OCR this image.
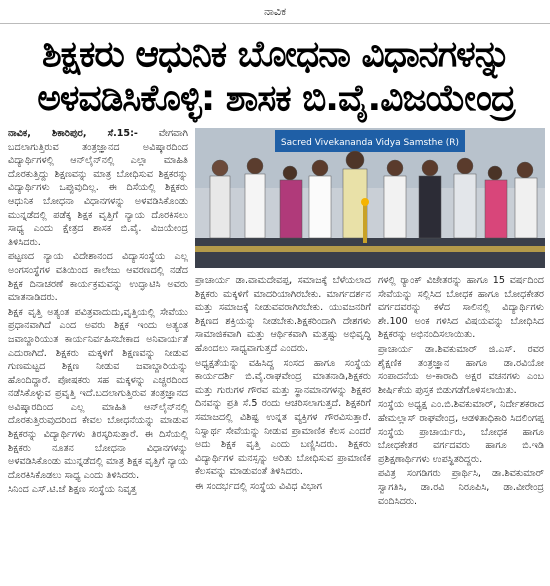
ನಾವಿಕ
ಶಿಕ್ಷಕರು ಆಧುನಿಕ ಬೋಧನಾ ವಿಧಾನಗಳನ್ನು
ಅಳವಡಿಸಿಕೊಳ್ಳಿ: ಶಾಸಕ ಬಿ.ವೈ.ವಿಜಯೇಂದ್ರ

ನಾವಿಕ, ಶಿಕಾರಿಪುರ, ಸೆ.15:- ವೇಗವಾಗಿ ಬದಲಾಗುತ್ತಿರುವ ತಂತ್ರಜ್ಞಾನದ ಅವಿಷ್ಕಾರದಿಂದ ವಿದ್ಯಾರ್ಥಿಗಳಲ್ಲಿ ಆನ್‌ಲೈನ್‌ನಲ್ಲಿ ಎಲ್ಲಾ ಮಾಹಿತಿ ದೊರಕುತ್ತಿದ್ದು ಶಿಕ್ಷಣವನ್ನು ಮಾತ್ರ ಬೋಧಿಸುವ ಶಿಕ್ಷಕರನ್ನು ವಿದ್ಯಾರ್ಥಿಗಳು ಒಪ್ಪುವುದಿಲ್ಲ. ಈ ದಿಸೆಯಲ್ಲಿ ಶಿಕ್ಷಕರು ಆಧುನಿಕ ಬೋಧನಾ ವಿಧಾನಗಳನ್ನು ಅಳವಡಿಸಿಕೊಂಡು ಮುನ್ನಡೆದಲ್ಲಿ ಪಡೆಕ್ಕ ಶಿಕ್ಷಕ ವೃತ್ತಿಗೆ ನ್ಯಾಯ ದೊರಕಿಸಲು ಸಾಧ್ಯ ಎಂದು ಕ್ಷೇತ್ರದ ಶಾಸಕ ಬಿ.ವೈ. ವಿಜಯೇಂದ್ರ ತಿಳಿಸಿದರು.

ಪಟ್ಟಣದ ನ್ಯಾಯ ವಿದೇಶಾನಂದ ವಿದ್ಯಾಸಂಸ್ಥೆಯ ಎಲ್ಲ ಅಂಗಸಂಸ್ಥೆಗಳ ವತಿಯಿಂದ ಕಾಲೇಜು ಆವರಣದಲ್ಲಿ ನಡೆದ ಶಿಕ್ಷಕ ದಿನಾಚರಣೆ ಕಾರ್ಯಕ್ರಮವನ್ನು ಉದ್ಘಾಟಿಸಿ ಅವರು ಮಾತನಾಡಿದರು.

ಶಿಕ್ಷಕ ವೃತ್ತಿ ಅತ್ಯಂತ ಪವಿತ್ರವಾದುದು,ವೃತ್ತಿಯಲ್ಲಿ ಸೇವೆಯು ಪ್ರಧಾನವಾಗಿದೆ ಎಂದ ಅವರು ಶಿಕ್ಷಕ ಇಂದು ಅತ್ಯಂತ ಜವಾಬ್ದಾರಿಯುತ ಕಾರ್ಯನಿರ್ವಹಿಸಬೇಕಾದ ಅನಿವಾರ್ಯತೆ ಎದುರಾಗಿದೆ. ಶಿಕ್ಷಕರು ಮಕ್ಕಳಿಗೆ ಶಿಕ್ಷಣವನ್ನು ನೀಡುವ ಗುಣಮಟ್ಟದ ಶಿಕ್ಷಣ ನೀಡುವ ಜವಾಬ್ದಾರಿಯನ್ನು ಹೊಂದಿದ್ದಾರೆ. ಪೋಷಕರು ಸಹ ಮಕ್ಕಳನ್ನು ಎಚ್ಚರದಿಂದ ನಡೆಸಿಕೊಳ್ಳುವ ಪ್ರವೃತ್ತಿ ಇದೆ.ಬದಲಾಗುತ್ತಿರುವ ತಂತ್ರಜ್ಞಾನದ ಅವಿಷ್ಕಾರದಿಂದ ಎಲ್ಲ ಮಾಹಿತಿ ಆನ್‌ಲೈನ್‌ನಲ್ಲಿ ದೊರಕುತ್ತಿರುವುದರಿಂದ ಕೇವಲ ಬೋಧನೆಯನ್ನು ಮಾಡುವ ಶಿಕ್ಷಕರನ್ನು ವಿದ್ಯಾರ್ಥಿಗಳು ತಿರಸ್ಕರಿಸುತ್ತಾರೆ. ಈ ದಿಸೆಯಲ್ಲಿ ಶಿಕ್ಷಕರು ನೂತನ ಬೋಧನಾ ವಿಧಾನಗಳನ್ನು ಅಳವಡಿಸಿಕೊಂಡು ಮುನ್ನಡೆದಲ್ಲಿ ಮಾತ್ರ ಶಿಕ್ಷಕ ವೃತ್ತಿಗೆ ನ್ಯಾಯ ದೊರಕಿಸಿಕೊಡಲು ಸಾಧ್ಯ ಎಂದು ತಿಳಿಸಿದರು.

ಸಿನಿಂದ ಎಸ್.ಟಿ.ಜೆ ಶಿಕ್ಷಣ ಸಂಸ್ಥೆಯ ನಿವೃತ್ತ

Sacred Vivekananda Vidya Samsthe (R)

ಪ್ರಾಚಾರ್ಯ ಡಾ.ವಾಮದೇವಪ್ಪ, ಸಮಾಜಕ್ಕೆ ಬೆಳೆಯಲಾದ ಶಿಕ್ಷಕರು ಮಕ್ಕಳಿಗೆ ಮಾದರಿಯಾಗಿರಬೇಕು. ಮಾರ್ಗದರ್ಶನ ಮತ್ತು ಸಮಾಜಕ್ಕೆ ನೀಡುವವರಾಗಿರಬೇಕು. ಯುವಜನರಿಗೆ ಶಿಕ್ಷಣದ ಶಕ್ತಿಯನ್ನು ನೀಡಬೇಕು.ಶಿಕ್ಷಕರಿಂದಾಗಿ ದೇಶಗಳು ಸಾಮಾಜಿಕವಾಗಿ ಮತ್ತು ಆರ್ಥಿಕವಾಗಿ ಮತ್ತಷ್ಟು ಅಭಿವೃದ್ಧಿ ಹೊಂದಲು ಸಾಧ್ಯವಾಗುತ್ತದೆ ಎಂದರು.

ಅಧ್ಯಕ್ಷತೆಯನ್ನು ವಹಿಸಿದ್ದ ಸಂಸದ ಹಾಗೂ ಸಂಸ್ಥೆಯ ಕಾರ್ಯದರ್ಶಿ ಬಿ.ವೈ.ರಾಘವೇಂದ್ರ ಮಾತನಾಡಿ,ಶಿಕ್ಷಕರು ಮತ್ತು ಗುರುಗಳ ಗೌರವ ಮತ್ತು ಸ್ಥಾನಮಾನಗಳನ್ನು ಶಿಕ್ಷಕರ ದಿನವನ್ನು ಪ್ರತಿ ಸೆ.5 ರಂದು ಆಚರಿಸಲಾಗುತ್ತದೆ. ಶಿಕ್ಷಕರಿಗೆ ಸಮಾಜದಲ್ಲಿ ವಿಶಿಷ್ಟ ಉನ್ನತ ವ್ಯಕ್ತಿಗಳ ಗೌರವಿಸುತ್ತಾರೆ. ನಿಸ್ವಾರ್ಥ ಸೇವೆಯನ್ನು ನೀಡುವ ಪ್ರಾಮಾಣಿಕ ಕೆಲಸ ಎಂದರೆ ಅದು ಶಿಕ್ಷಕ ವೃತ್ತಿ ಎಂದು ಬಣ್ಣಿಸಿದರು. ಶಿಕ್ಷಕರು ವಿದ್ಯಾರ್ಥಿಗಳ ಮನಸ್ಸನ್ನು ಅರಿತು ಬೋಧಿಸುವ ಪ್ರಾಮಾಣಿಕ ಕೆಲಸವನ್ನು ಮಾಡುವಂತೆ ತಿಳಿಸಿದರು.

ಈ ಸಂದರ್ಭದಲ್ಲಿ ಸಂಸ್ಥೆಯ ವಿವಿಧ ವಿಭಾಗ

ಗಳಲ್ಲಿ ರ‍್ಯಾಂಕ್ ವಿಜೇತರನ್ನು ಹಾಗೂ 15 ವರ್ಷದಿಂದ ಸೇವೆಯನ್ನು ಸಲ್ಲಿಸಿದ ಬೋಧಕ ಹಾಗೂ ಬೋಧಕೇತರ ವರ್ಗದವರನ್ನು ಕಳೆದ ಸಾಲಿನಲ್ಲಿ ವಿದ್ಯಾರ್ಥಿಗಳು ಶೇ.100 ಅಂಕ ಗಳಿಸಿದ ವಿಷಯವನ್ನು ಬೋಧಿಸಿದ ಶಿಕ್ಷಕರನ್ನು ಅಭಿನಂದಿಸಲಾಯಿತು.

ಪ್ರಾಚಾರ್ಯ ಡಾ.ಶಿವಕುಮಾರ್ ಜಿ.ಎಸ್. ರವರ ಶೈಕ್ಷಣಿಕ ತಂತ್ರಜ್ಞಾನ ಹಾಗೂ ಡಾ.ರವಿಯೋ ಸಂಪಾದನೆಯ ಅ-ಕಾರಾದಿ ಅಕ್ಷರ ವಚನಗಳು ಎಂಬ ಶೀರ್ಷಿಕೆಯ ಪುಸ್ತಕ ಬಿಡುಗಡೆಗೊಳಿಸಲಾಯಿತು.

ಸಂಸ್ಥೆಯ ಅಧ್ಯಕ್ಷ ಎಂ.ಬಿ.ಶಿವಕುಮಾರ್, ನಿರ್ದೇಶಕರಾದ ಹೇಮಲ್ಲಾಸ್ ರಾಘವೇಂದ್ರ, ಆಡಳಿತಾಧಿಕಾರಿ ಸಿದಲಿಂಗಪ್ಪ ಸಂಸ್ಥೆಯ ಪ್ರಾಚಾರ್ಯರು, ಬೋಧಕ ಹಾಗೂ ಬೋಧಕೇತರ ವರ್ಗದವರು ಹಾಗೂ ಬಿ.ಇಡಿ ಪ್ರಶಿಕ್ಷಣಾರ್ಥಿಗಳು ಉಪಸ್ಥಿತರಿದ್ದರು.

ಪವಿತ್ರ ಸಂಗಡಿಗರು ಪ್ರಾರ್ಥಿಸಿ, ಡಾ.ಶಿವಕುಮಾರ್ ಸ್ವಾಗತಿಸಿ, ಡಾ.ರವಿ ನಿರೂಪಿಸಿ, ಡಾ.ವೀರೇಂದ್ರ ವಂದಿಸಿದರು.
